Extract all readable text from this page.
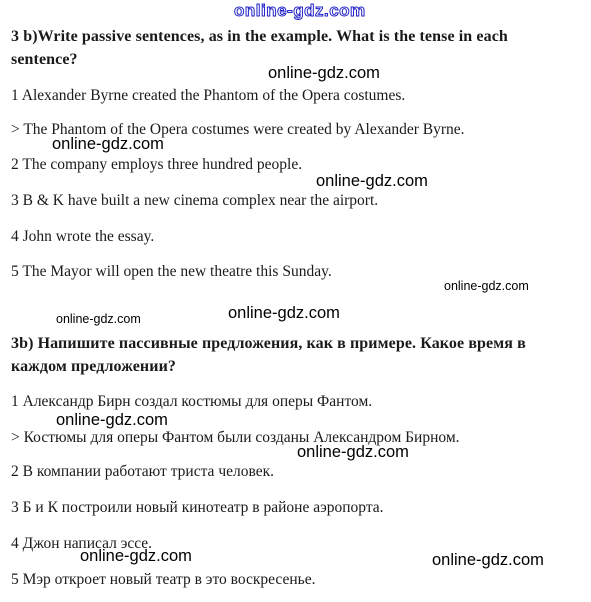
online-gdz.com

3 b)Write passive sentences, as in the example. What is the tense in each sentence?

1 Alexander Byrne created the Phantom of the Opera costumes.

> The Phantom of the Opera costumes were created by Alexander Byrne.

2 The company employs three hundred people.

3 B & K have built a new cinema complex near the airport.

4 John wrote the essay.

5 The Mayor will open the new theatre this Sunday.

3b) Напишите пассивные предложения, как в примере. Какое время в каждом предложении?

1 Александр Бирн создал костюмы для оперы Фантом.

> Костюмы для оперы Фантом были созданы Александром Бирном.

2 В компании работают триста человек.

3 Б и К построили новый кинотеатр в районе аэропорта.

4 Джон написал эссе.

5 Мэр откроет новый театр в это воскресенье.

online-gdz.com
online-gdz.com
online-gdz.com
online-gdz.com
online-gdz.com
online-gdz.com
online-gdz.com
online-gdz.com
online-gdz.com	online-gdz.com
